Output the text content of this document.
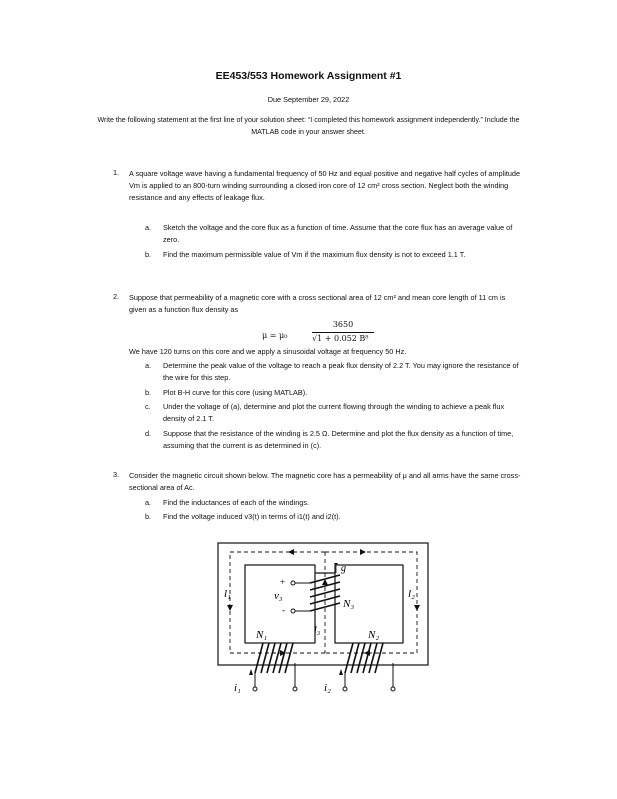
EE453/553 Homework Assignment #1
Due September 29, 2022
Write the following statement at the first line of your solution sheet: “I completed this homework assignment independently.” Include the MATLAB code in your answer sheet.
1. A square voltage wave having a fundamental frequency of 50 Hz and equal positive and negative half cycles of amplitude Vm is applied to an 800-turn winding surrounding a closed iron core of 12 cm² cross section. Neglect both the winding resistance and any effects of leakage flux.
a. Sketch the voltage and the core flux as a function of time. Assume that the core flux has an average value of zero.
b. Find the maximum permissible value of Vm if the maximum flux density is not to exceed 1.1 T.
2. Suppose that permeability of a magnetic core with a cross sectional area of 12 cm² and mean core length of 11 cm is given as a function flux density as
μ = μ₀
3650
√1 + 0.052 B⁸
We have 120 turns on this core and we apply a sinusoidal voltage at frequency 50 Hz.
a. Determine the peak value of the voltage to reach a peak flux density of 2.2 T. You may ignore the resistance of the wire for this step.
b. Plot B-H curve for this core (using MATLAB).
c. Under the voltage of (a), determine and plot the current flowing through the winding to achieve a peak flux density of 2.1 T.
d. Suppose that the resistance of the winding is 2.5 Ω. Determine and plot the flux density as a function of time, assuming that the current is as determined in (c).
3. Consider the magnetic circuit shown below. The magnetic core has a permeability of μ and all arms have the same cross-sectional area of Ac.
a. Find the inductances of each of the windings.
b. Find the voltage induced v3(t) in terms of i1(t) and i2(t).
l₁	l₂
l₃
g
N₁	N₂
N₃
v₃
+
-
i₁	i₂
